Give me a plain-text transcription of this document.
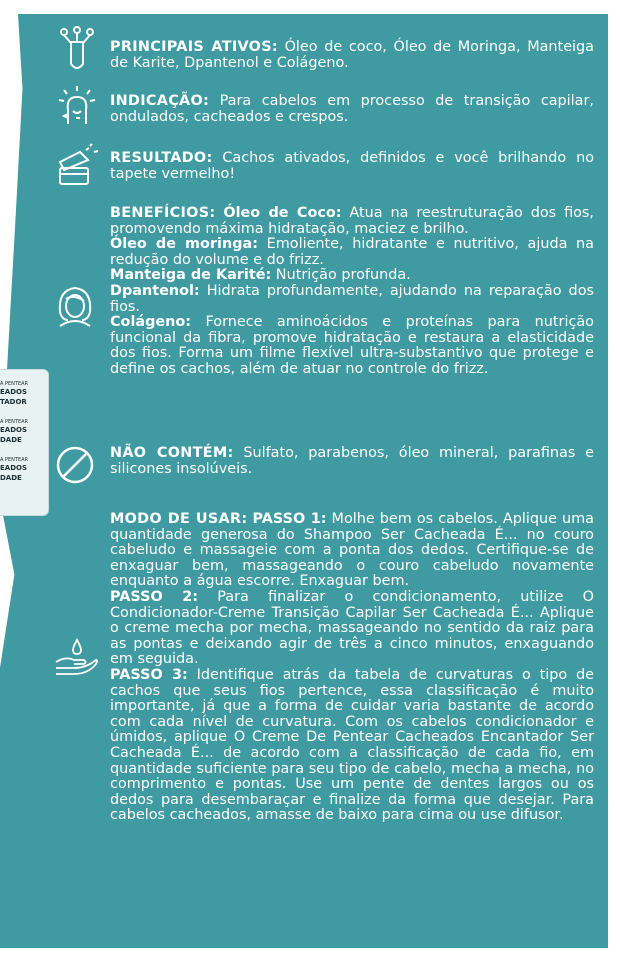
A PENTEAR
EADOS
TADOR
A PENTEAR
EADOS
DADE
A PENTEAR
EADOS
DADE

PRINCIPAIS ATIVOS: Óleo de coco, Óleo de Moringa, Manteiga de Karite, Dpantenol e Colágeno.

INDICAÇÃO: Para cabelos em processo de transição capilar, ondulados, cacheados e crespos.

RESULTADO: Cachos ativados, definidos e você brilhando no tapete vermelho!

BENEFÍCIOS: Óleo de Coco: Atua na reestruturação dos fios, promovendo máxima hidratação, maciez e brilho.

Óleo de moringa: Emoliente, hidratante e nutritivo, ajuda na redução do volume e do frizz.

Manteiga de Karité: Nutrição profunda.

Dpantenol: Hidrata profundamente, ajudando na reparação dos fios.

Colágeno: Fornece aminoácidos e proteínas para nutrição funcional da fibra, promove hidratação e restaura a elasticidade dos fios. Forma um filme flexível ultra-substantivo que protege e define os cachos, além de atuar no controle do frizz.

NÃO CONTÉM: Sulfato, parabenos, óleo mineral, parafinas e silicones insolúveis.

MODO DE USAR: PASSO 1: Molhe bem os cabelos. Aplique uma quantidade generosa do Shampoo Ser Cacheada É... no couro cabeludo e massageie com a ponta dos dedos. Certifique-se de enxaguar bem, massageando o couro cabeludo novamente enquanto a água escorre. Enxaguar bem.

PASSO 2: Para finalizar o condicionamento, utilize O Condicionador-Creme Transição Capilar Ser Cacheada É... Aplique o creme mecha por mecha, massageando no sentido da raiz para as pontas e deixando agir de três a cinco minutos, enxaguando em seguida.

PASSO 3: Identifique atrás da tabela de curvaturas o tipo de cachos que seus fios pertence, essa classificação é muito importante, já que a forma de cuidar varia bastante de acordo com cada nível de curvatura. Com os cabelos condicionador e úmidos, aplique O Creme De Pentear Cacheados Encantador Ser Cacheada É... de acordo com a classificação de cada fio, em quantidade suficiente para seu tipo de cabelo, mecha a mecha, no comprimento e pontas. Use um pente de dentes largos ou os dedos para desembaraçar e finalize da forma que desejar. Para cabelos cacheados, amasse de baixo para cima ou use difusor.
